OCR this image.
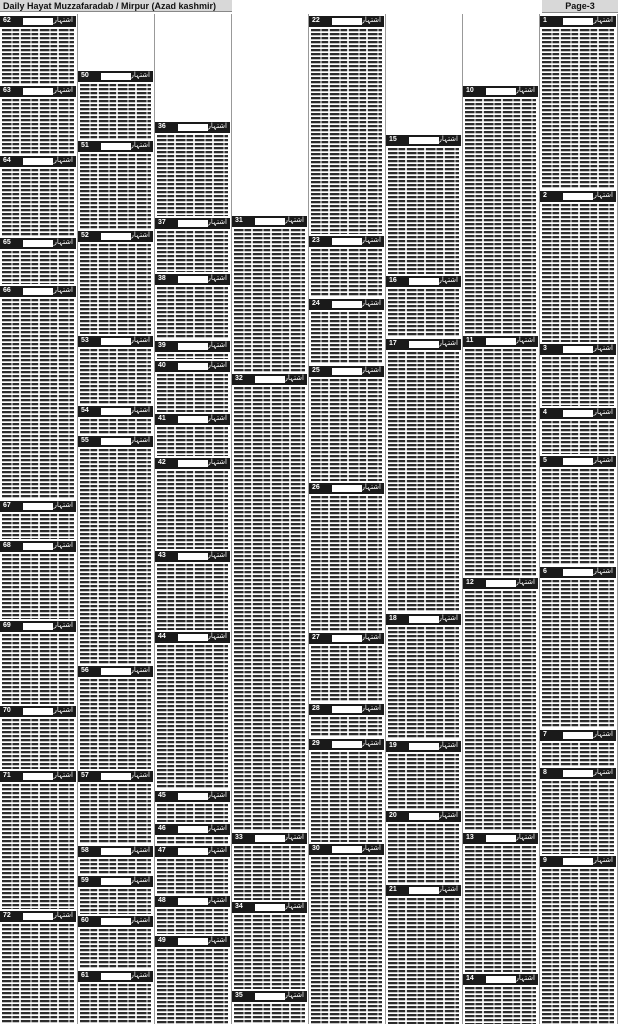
Daily Hayat Muzzafaradab / Mirpur (Azad kashmir)	Page-3
62	اشتہار
63	اشتہار
64	اشتہار
65	اشتہار
66	اشتہار
67	اشتہار
68	اشتہار
69	اشتہار
70	اشتہار
71	اشتہار
72	اشتہار
50	اشتہار
51	اشتہار
52	اشتہار
53	اشتہار
54	اشتہار
55	اشتہار
56	اشتہار
57	اشتہار
58	اشتہار
59	اشتہار
60	اشتہار
61	اشتہار
36	اشتہار
37	اشتہار
38	اشتہار
39	اشتہار
40	اشتہار
41	اشتہار
42	اشتہار
43	اشتہار
44	اشتہار
45	اشتہار
46	اشتہار
47	اشتہار
48	اشتہار
49	اشتہار
31	اشتہار
32	اشتہار
33	اشتہار
34	اشتہار
35	اشتہار
22	اشتہار
23	اشتہار
24	اشتہار
25	اشتہار
26	اشتہار
27	اشتہار
28	اشتہار
29	اشتہار
30	اشتہار
15	اشتہار
16	اشتہار
17	اشتہار
18	اشتہار
19	اشتہار
20	اشتہار
21	اشتہار
10	اشتہار
11	اشتہار
12	اشتہار
13	اشتہار
14	اشتہار
1	اشتہار
2	اشتہار
3	اشتہار
4	اشتہار
5	اشتہار
6	اشتہار
7	اشتہار
8	اشتہار
9	اشتہار
